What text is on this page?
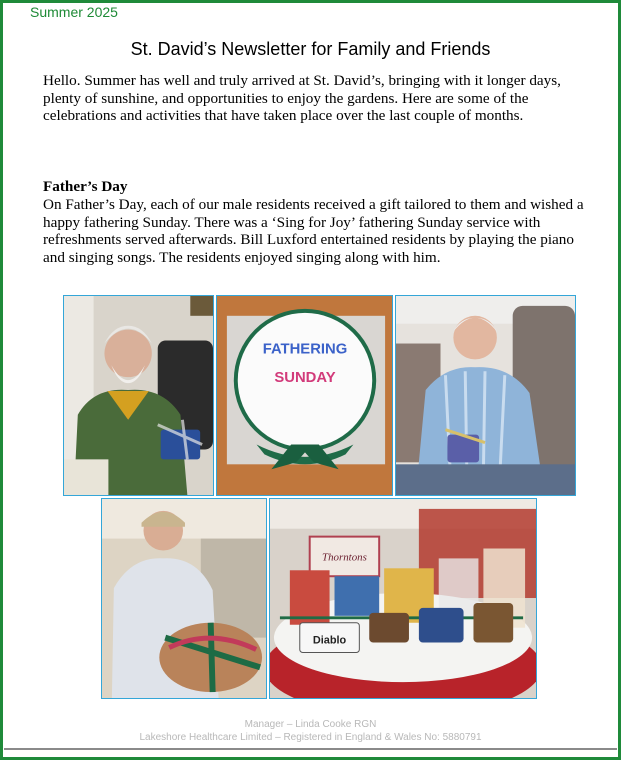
Summer 2025
St. David’s Newsletter for Family and Friends

Hello. Summer has well and truly arrived at St. David’s, bringing with it longer days, plenty of sunshine, and opportunities to enjoy the gardens. Here are some of the celebrations and activities that have taken place over the last couple of months.

Father’s Day

On Father’s Day, each of our male residents received a gift tailored to them and wished a happy fathering Sunday. There was a ‘Sing for Joy’ fathering Sunday service with refreshments served afterwards. Bill Luxford entertained residents by playing the piano and singing songs. The residents enjoyed singing along with him.

FATHERING
SUNDAY
Thorntons
Diablo
Manager – Linda Cooke RGN
Lakeshore Healthcare Limited – Registered in England & Wales No: 5880791
